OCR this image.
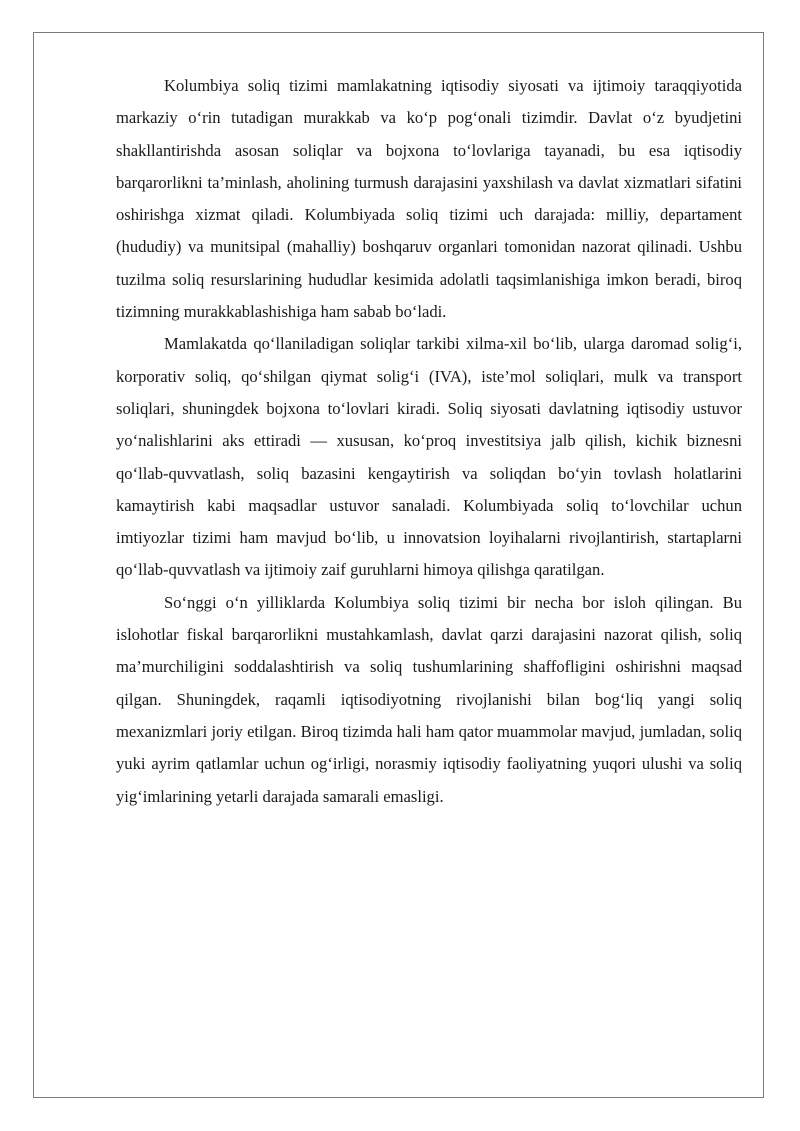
Kolumbiya soliq tizimi mamlakatning iqtisodiy siyosati va ijtimoiy taraqqiyotida markaziy o‘rin tutadigan murakkab va ko‘p pog‘onali tizimdir. Davlat o‘z byudjetini shakllantirishda asosan soliqlar va bojxona to‘lovlariga tayanadi, bu esa iqtisodiy barqarorlikni ta’minlash, aholining turmush darajasini yaxshilash va davlat xizmatlari sifatini oshirishga xizmat qiladi. Kolumbiyada soliq tizimi uch darajada: milliy, departament (hududiy) va munitsipal (mahalliy) boshqaruv organlari tomonidan nazorat qilinadi. Ushbu tuzilma soliq resurslarining hududlar kesimida adolatli taqsimlanishiga imkon beradi, biroq tizimning murakkablashishiga ham sabab bo‘ladi.

Mamlakatda qo‘llaniladigan soliqlar tarkibi xilma-xil bo‘lib, ularga daromad solig‘i, korporativ soliq, qo‘shilgan qiymat solig‘i (IVA), iste’mol soliqlari, mulk va transport soliqlari, shuningdek bojxona to‘lovlari kiradi. Soliq siyosati davlatning iqtisodiy ustuvor yo‘nalishlarini aks ettiradi — xususan, ko‘proq investitsiya jalb qilish, kichik biznesni qo‘llab-quvvatlash, soliq bazasini kengaytirish va soliqdan bo‘yin tovlash holatlarini kamaytirish kabi maqsadlar ustuvor sanaladi. Kolumbiyada soliq to‘lovchilar uchun imtiyozlar tizimi ham mavjud bo‘lib, u innovatsion loyihalarni rivojlantirish, startaplarni qo‘llab-quvvatlash va ijtimoiy zaif guruhlarni himoya qilishga qaratilgan.

So‘nggi o‘n yilliklarda Kolumbiya soliq tizimi bir necha bor isloh qilingan. Bu islohotlar fiskal barqarorlikni mustahkamlash, davlat qarzi darajasini nazorat qilish, soliq ma’murchiligini soddalashtirish va soliq tushumlarining shaffofligini oshirishni maqsad qilgan. Shuningdek, raqamli iqtisodiyotning rivojlanishi bilan bog‘liq yangi soliq mexanizmlari joriy etilgan. Biroq tizimda hali ham qator muammolar mavjud, jumladan, soliq yuki ayrim qatlamlar uchun og‘irligi, norasmiy iqtisodiy faoliyatning yuqori ulushi va soliq yig‘imlarining yetarli darajada samarali emasligi.
